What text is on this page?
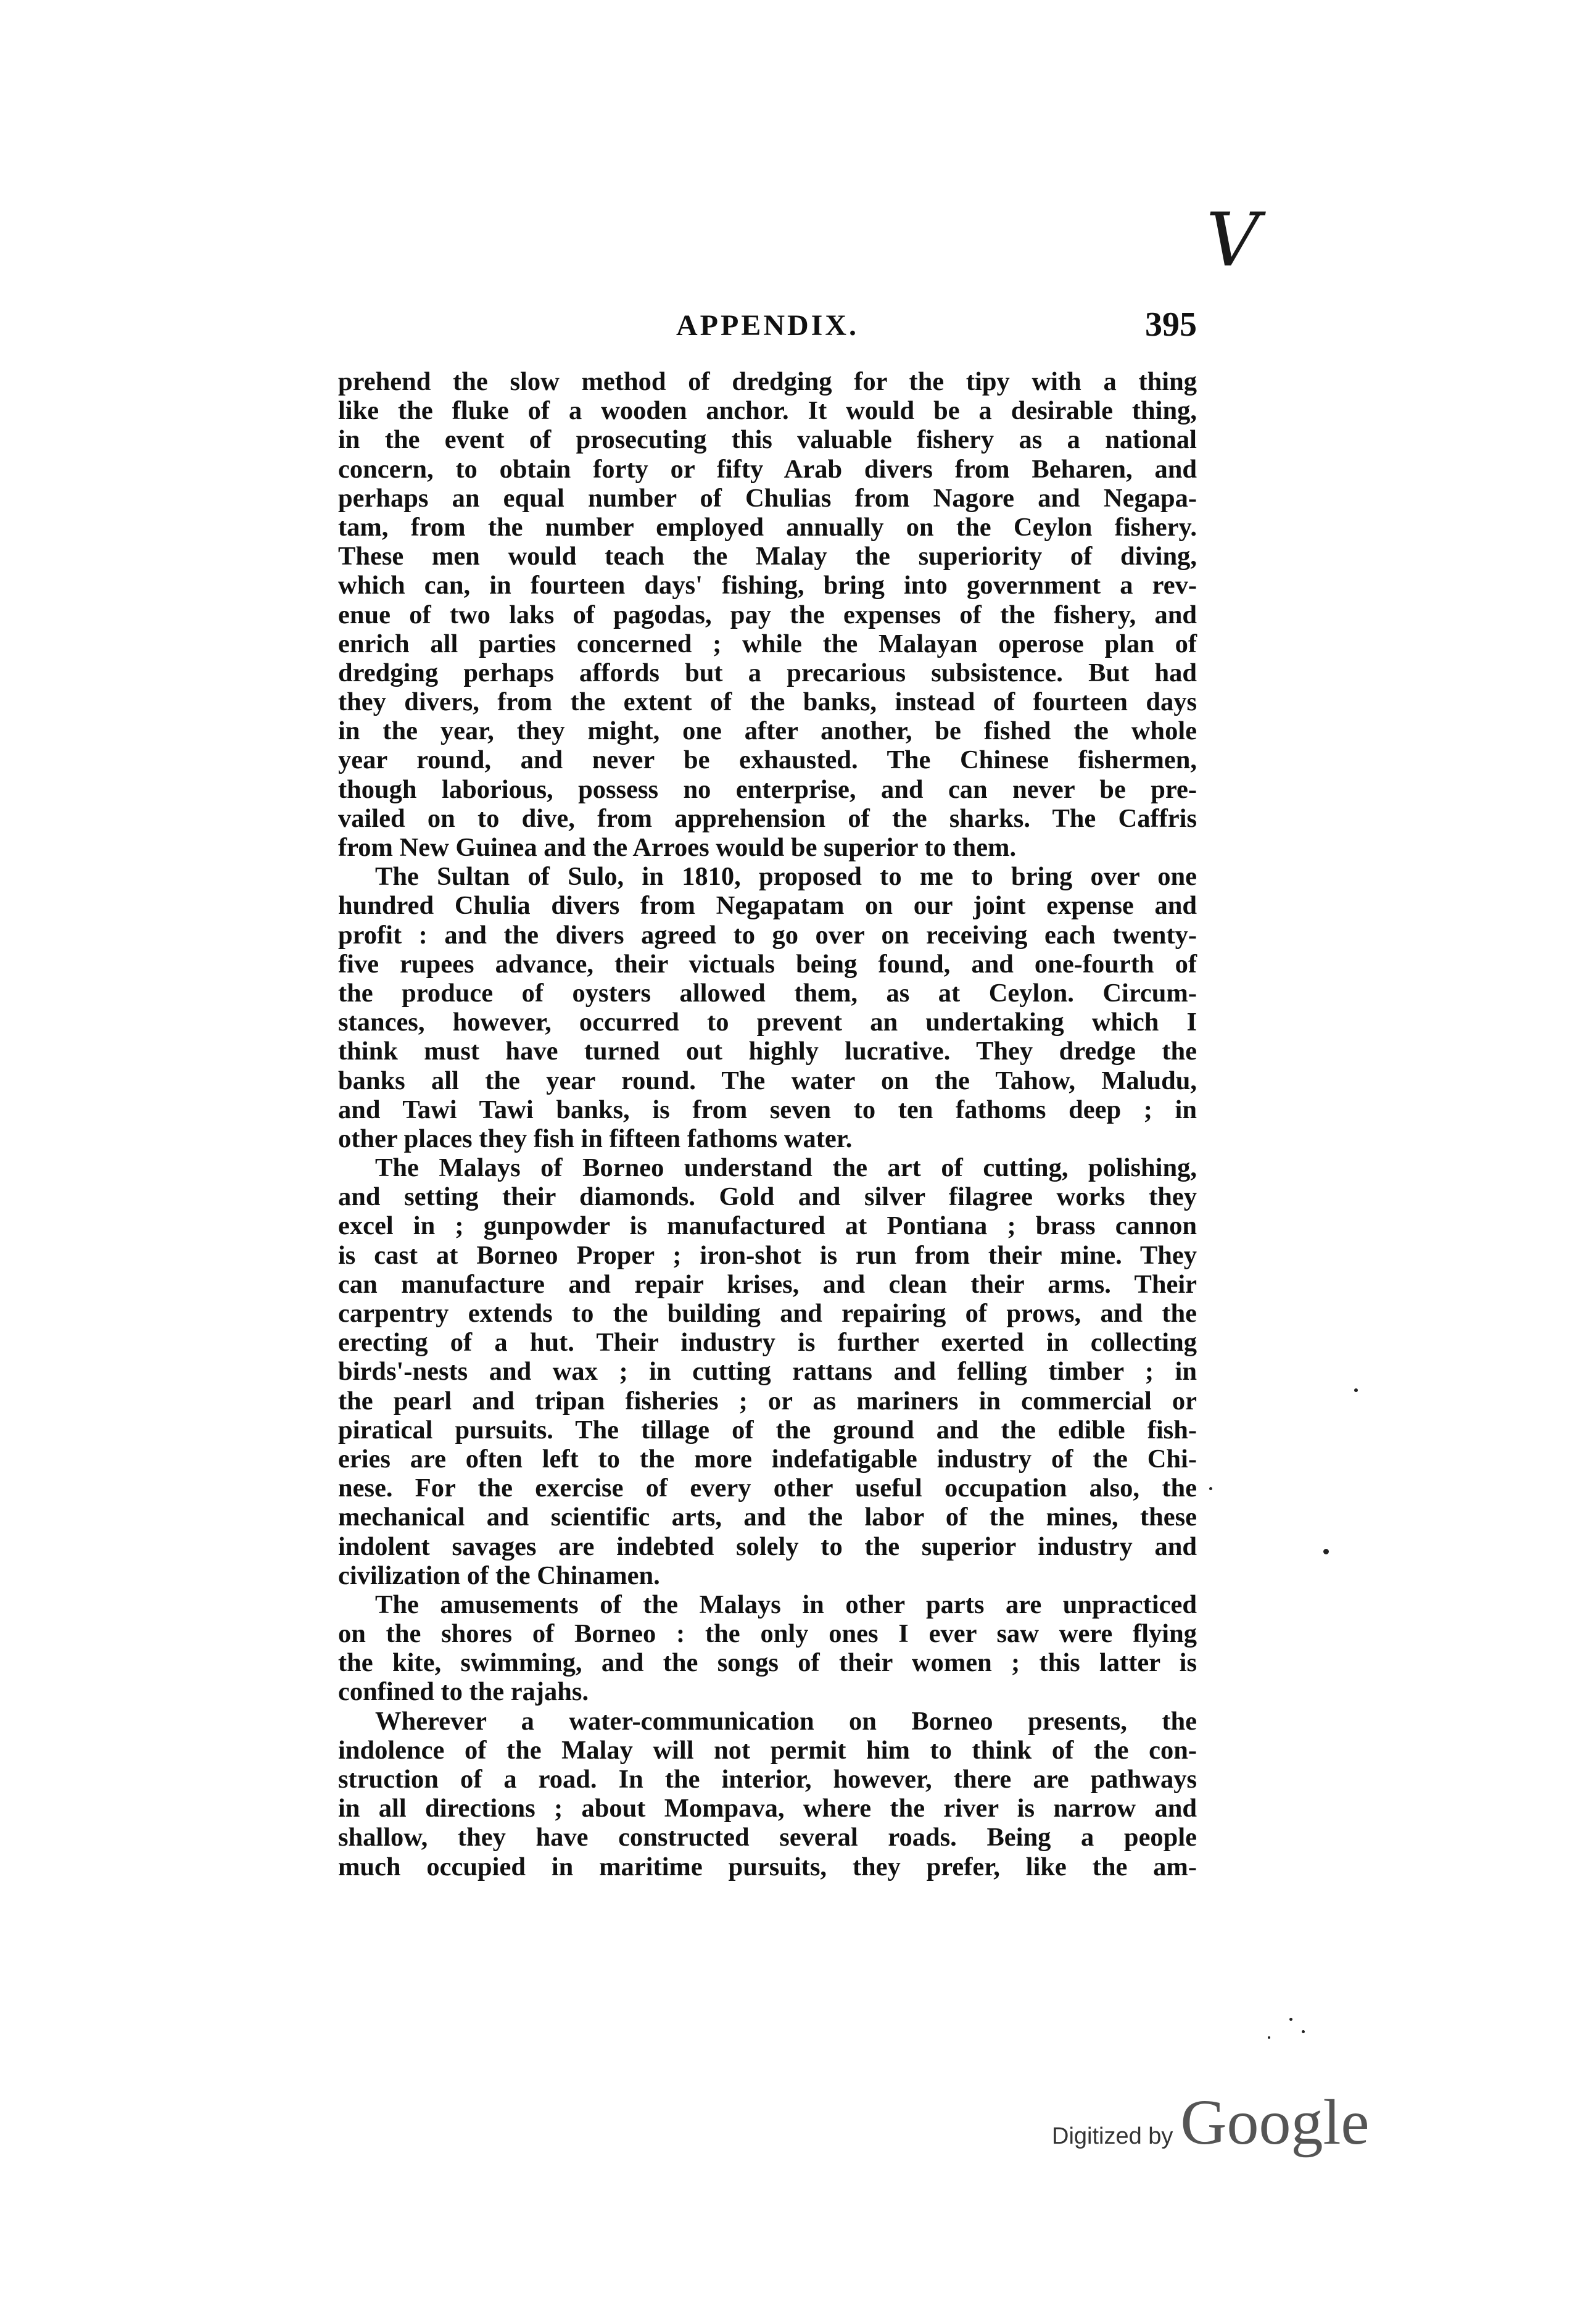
V
APPENDIX.	395
prehend the slow method of dredging for the tipy with a thing
like the fluke of a wooden anchor. It would be a desirable thing,
in the event of prosecuting this valuable fishery as a national
concern, to obtain forty or fifty Arab divers from Beharen, and
perhaps an equal number of Chulias from Nagore and Negapa-
tam, from the number employed annually on the Ceylon fishery.
These men would teach the Malay the superiority of diving,
which can, in fourteen days' fishing, bring into government a rev-
enue of two laks of pagodas, pay the expenses of the fishery, and
enrich all parties concerned ; while the Malayan operose plan of
dredging perhaps affords but a precarious subsistence. But had
they divers, from the extent of the banks, instead of fourteen days
in the year, they might, one after another, be fished the whole
year round, and never be exhausted. The Chinese fishermen,
though laborious, possess no enterprise, and can never be pre-
vailed on to dive, from apprehension of the sharks. The Caffris
from New Guinea and the Arroes would be superior to them.
The Sultan of Sulo, in 1810, proposed to me to bring over one
hundred Chulia divers from Negapatam on our joint expense and
profit : and the divers agreed to go over on receiving each twenty-
five rupees advance, their victuals being found, and one-fourth of
the produce of oysters allowed them, as at Ceylon. Circum-
stances, however, occurred to prevent an undertaking which I
think must have turned out highly lucrative. They dredge the
banks all the year round. The water on the Tahow, Maludu,
and Tawi Tawi banks, is from seven to ten fathoms deep ; in
other places they fish in fifteen fathoms water.
The Malays of Borneo understand the art of cutting, polishing,
and setting their diamonds. Gold and silver filagree works they
excel in ; gunpowder is manufactured at Pontiana ; brass cannon
is cast at Borneo Proper ; iron-shot is run from their mine. They
can manufacture and repair krises, and clean their arms. Their
carpentry extends to the building and repairing of prows, and the
erecting of a hut. Their industry is further exerted in collecting
birds'-nests and wax ; in cutting rattans and felling timber ; in
the pearl and tripan fisheries ; or as mariners in commercial or
piratical pursuits. The tillage of the ground and the edible fish-
eries are often left to the more indefatigable industry of the Chi-
nese. For the exercise of every other useful occupation also, the
mechanical and scientific arts, and the labor of the mines, these
indolent savages are indebted solely to the superior industry and
civilization of the Chinamen.
The amusements of the Malays in other parts are unpracticed
on the shores of Borneo : the only ones I ever saw were flying
the kite, swimming, and the songs of their women ; this latter is
confined to the rajahs.
Wherever a water-communication on Borneo presents, the
indolence of the Malay will not permit him to think of the con-
struction of a road. In the interior, however, there are pathways
in all directions ; about Mompava, where the river is narrow and
shallow, they have constructed several roads. Being a people
much occupied in maritime pursuits, they prefer, like the am-
Digitized by Google
